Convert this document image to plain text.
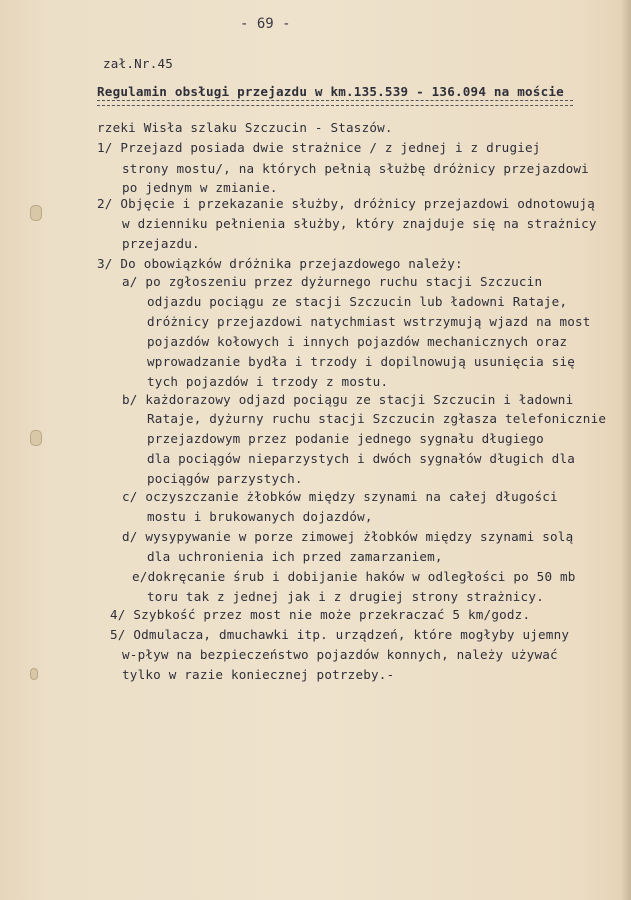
- 69 -
zał.Nr.45
Regulamin obsługi przejazdu w km.135.539 - 136.094 na moście
rzeki Wisła szlaku Szczucin - Staszów.
1/ Przejazd posiada dwie strażnice / z jednej i z drugiej
strony mostu/, na których pełnią służbę dróżnicy przejazdowi
po jednym w zmianie.
2/ Objęcie i przekazanie służby, dróżnicy przejazdowi odnotowują
w dzienniku pełnienia służby, który znajduje się na strażnicy
przejazdu.
3/ Do obowiązków dróżnika przejazdowego należy:
a/ po zgłoszeniu przez dyżurnego ruchu stacji Szczucin
odjazdu pociągu ze stacji Szczucin lub ładowni Rataje,
dróżnicy przejazdowi natychmiast wstrzymują wjazd na most
pojazdów kołowych i innych pojazdów mechanicznych oraz
wprowadzanie bydła i trzody i dopilnowują usunięcia się
tych pojazdów i trzody z mostu.
b/ każdorazowy odjazd pociągu ze stacji Szczucin i ładowni
Rataje, dyżurny ruchu stacji Szczucin zgłasza telefonicznie
przejazdowym przez podanie jednego sygnału długiego
dla pociągów nieparzystych i dwóch sygnałów długich dla
pociągów parzystych.
c/ oczyszczanie żłobków między szynami na całej długości
mostu i brukowanych dojazdów,
d/ wysypywanie w porze zimowej żłobków między szynami solą
dla uchronienia ich przed zamarzaniem,
e/dokręcanie śrub i dobijanie haków w odległości po 50 mb
toru tak z jednej jak i z drugiej strony strażnicy.
4/ Szybkość przez most nie może przekraczać 5 km/godz.
5/ Odmulacza, dmuchawki itp. urządzeń, które mogłyby ujemny
w-pływ na bezpieczeństwo pojazdów konnych, należy używać
tylko w razie koniecznej potrzeby.-
